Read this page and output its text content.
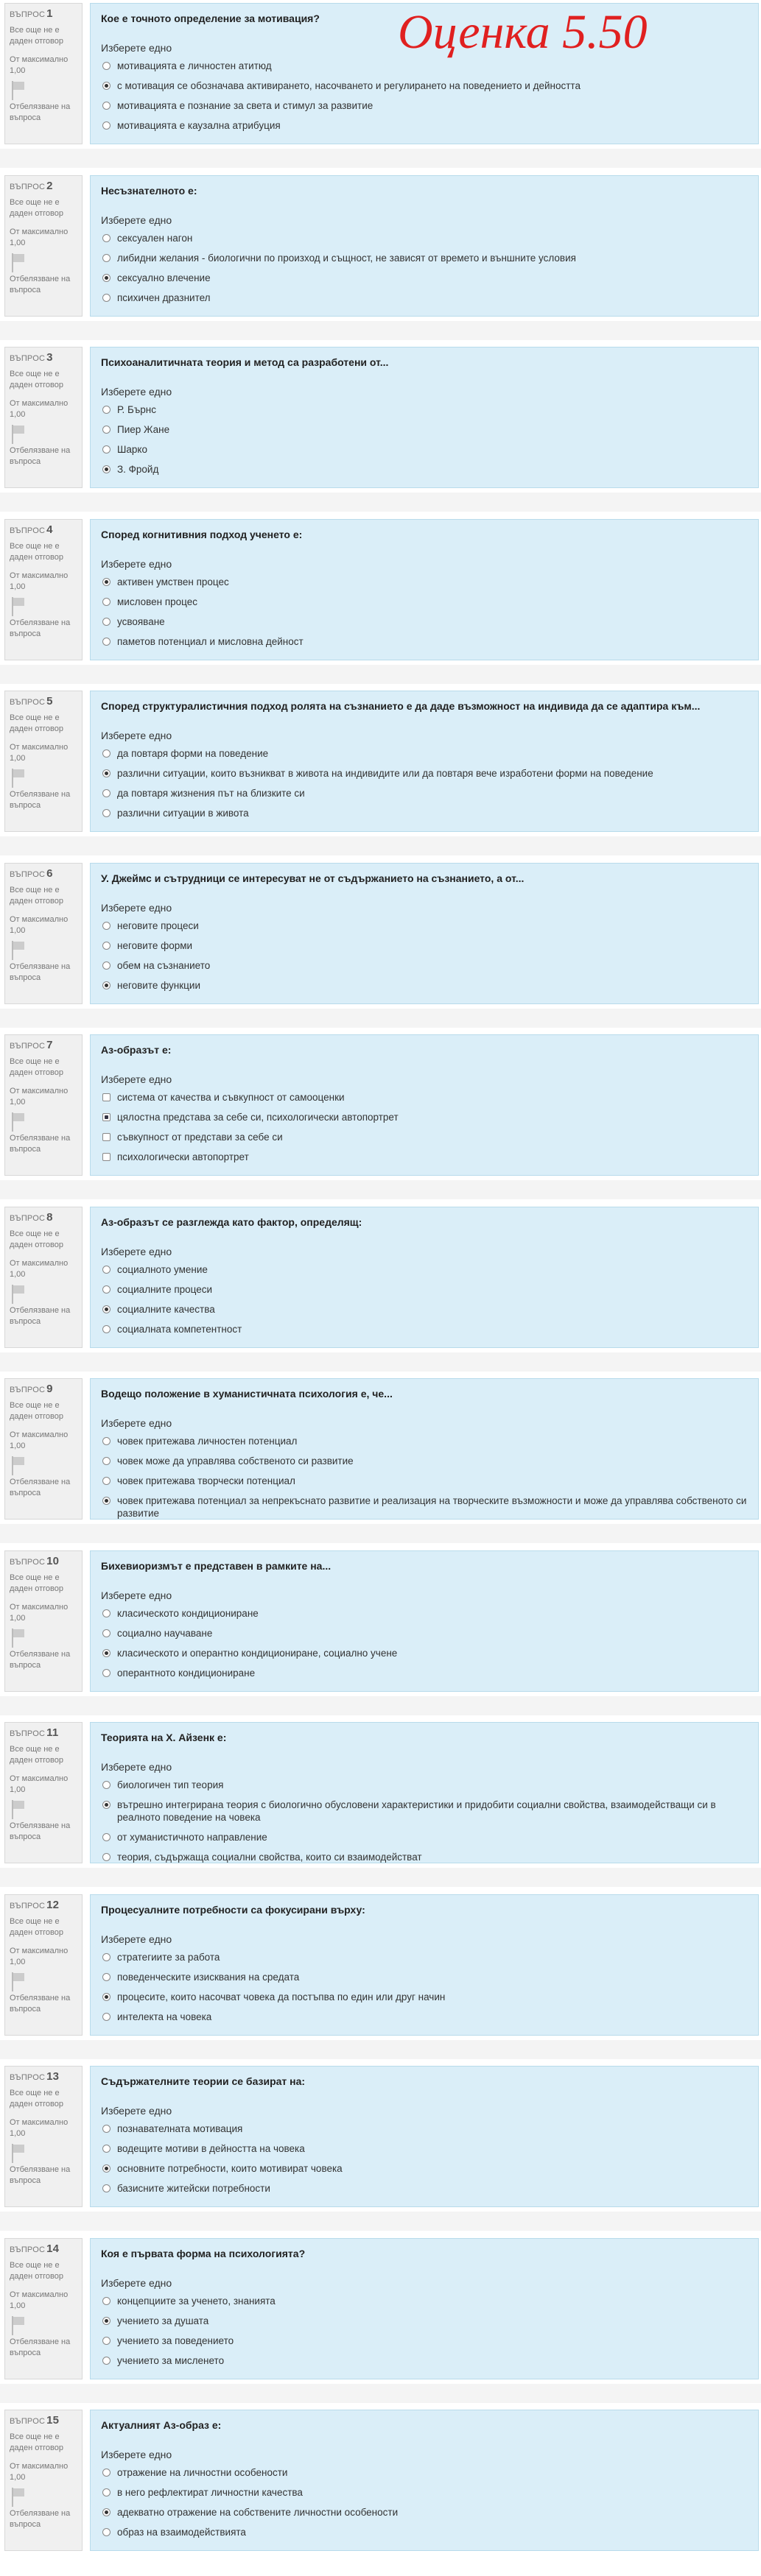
Оценка 5.50
ВЪПРОС 1
Все още не е даден отговор
От максимално 1,00
Отбелязване на въпроса
Кое е точното определение за мотивация?
Изберете едно
мотивацията е личностен атитюд
с мотивация се обозначава активирането, насочването и регулирането на поведението и дейността
мотивацията е познание за света и стимул за развитие
мотивацията е каузална атрибуция
ВЪПРОС 2
Все още не е даден отговор
От максимално 1,00
Отбелязване на въпроса
Несъзнателното е:
Изберете едно
сексуален нагон
либидни желания - биологични по произход и същност, не зависят от времето и външните условия
сексуално влечение
психичен дразнител
ВЪПРОС 3
Все още не е даден отговор
От максимално 1,00
Отбелязване на въпроса
Психоаналитичната теория и метод са разработени от...
Изберете едно
Р. Бърнс
Пиер Жане
Шарко
З. Фройд
ВЪПРОС 4
Все още не е даден отговор
От максимално 1,00
Отбелязване на въпроса
Според когнитивния подход ученето е:
Изберете едно
активен умствен процес
мисловен процес
усвояване
паметов потенциал и мисловна дейност
ВЪПРОС 5
Все още не е даден отговор
От максимално 1,00
Отбелязване на въпроса
Според структуралистичния подход ролята на съзнанието е да даде възможност на индивида да се адаптира към...
Изберете едно
да повтаря форми на поведение
различни ситуации, които възникват в живота на индивидите или да повтаря вече изработени форми на поведение
да повтаря жизнения път на близките си
различни ситуации в живота
ВЪПРОС 6
Все още не е даден отговор
От максимално 1,00
Отбелязване на въпроса
У. Джеймс и сътрудници се интересуват не от съдържанието на съзнанието, а от...
Изберете едно
неговите процеси
неговите форми
обем на съзнанието
неговите функции
ВЪПРОС 7
Все още не е даден отговор
От максимално 1,00
Отбелязване на въпроса
Аз-образът е:
Изберете едно
система от качества и съвкупност от самооценки
цялостна представа за себе си, психологически автопортрет
съвкупност от представи за себе си
психологически автопортрет
ВЪПРОС 8
Все още не е даден отговор
От максимално 1,00
Отбелязване на въпроса
Аз-образът се разглежда като фактор, определящ:
Изберете едно
социалното умение
социалните процеси
социалните качества
социалната компетентност
ВЪПРОС 9
Все още не е даден отговор
От максимално 1,00
Отбелязване на въпроса
Водещо положение в хуманистичната психология е, че...
Изберете едно
човек притежава личностен потенциал
човек може да управлява собственото си развитие
човек притежава творчески потенциал
човек притежава потенциал за непрекъснато развитие и реализация на творческите възможности и може да управлява собственото си развитие
ВЪПРОС 10
Все още не е даден отговор
От максимално 1,00
Отбелязване на въпроса
Бихевиоризмът е представен в рамките на...
Изберете едно
класическото кондициониране
социално научаване
класическото и оперантно кондициониране, социално учене
оперантното кондициониране
ВЪПРОС 11
Все още не е даден отговор
От максимално 1,00
Отбелязване на въпроса
Теорията на Х. Айзенк е:
Изберете едно
биологичен тип теория
вътрешно интегрирана теория с биологично обусловени характеристики и придобити социални свойства, взаимодействащи си в реалното поведение на човека
от хуманистичното направление
теория, съдържаща социални свойства, които си взаимодействат
ВЪПРОС 12
Все още не е даден отговор
От максимално 1,00
Отбелязване на въпроса
Процесуалните потребности са фокусирани върху:
Изберете едно
стратегиите за работа
поведенческите изисквания на средата
процесите, които насочват човека да постъпва по един или друг начин
интелекта на човека
ВЪПРОС 13
Все още не е даден отговор
От максимално 1,00
Отбелязване на въпроса
Съдържателните теории се базират на:
Изберете едно
познавателната мотивация
водещите мотиви в дейността на човека
основните потребности, които мотивират човека
базисните житейски потребности
ВЪПРОС 14
Все още не е даден отговор
От максимално 1,00
Отбелязване на въпроса
Коя е първата форма на психологията?
Изберете едно
концепциите за ученето, знанията
учението за душата
учението за поведението
учението за мисленето
ВЪПРОС 15
Все още не е даден отговор
От максимално 1,00
Отбелязване на въпроса
Актуалният Аз-образ е:
Изберете едно
отражение на личностни особености
в него рефлектират личностни качества
адекватно отражение на собствените личностни особености
образ на взаимодействията
